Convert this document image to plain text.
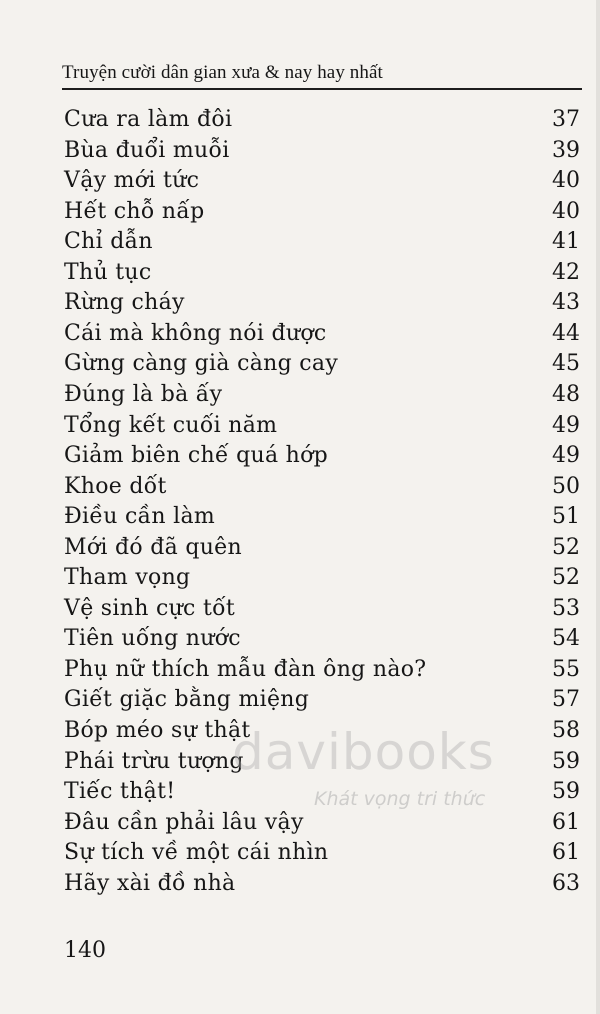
Truyện cười dân gian xưa & nay hay nhất
Cưa ra làm đôi	37
Bùa đuổi muỗi	39
Vậy mới tức	40
Hết chỗ nấp	40
Chỉ dẫn	41
Thủ tục	42
Rừng cháy	43
Cái mà không nói được	44
Gừng càng già càng cay	45
Đúng là bà ấy	48
Tổng kết cuối năm	49
Giảm biên chế quá hớp	49
Khoe dốt	50
Điều cần làm	51
Mới đó đã quên	52
Tham vọng	52
Vệ sinh cực tốt	53
Tiên uống nước	54
Phụ nữ thích mẫu đàn ông nào?	55
Giết giặc bằng miệng	57
Bóp méo sự thật	58
Phái trừu tượng	59
Tiếc thật!	59
Đâu cần phải lâu vậy	61
Sự tích về một cái nhìn	61
Hãy xài đồ nhà	63
140
davibooks
Khát vọng tri thức
